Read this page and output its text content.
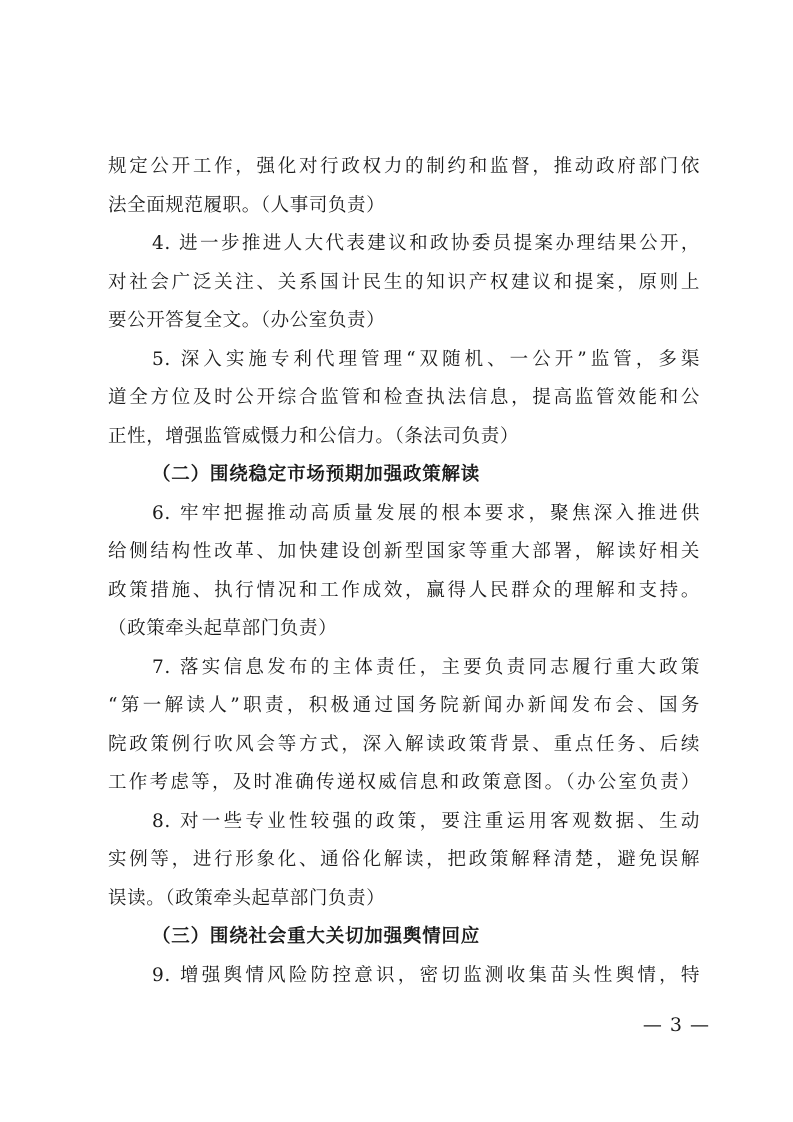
规定公开工作，强化对行政权力的制约和监督，推动政府部门依
法全面规范履职。（人事司负责）
4. 进一步推进人大代表建议和政协委员提案办理结果公开，
对社会广泛关注、关系国计民生的知识产权建议和提案，原则上
要公开答复全文。（办公室负责）
5. 深入实施专利代理管理“双随机、一公开”监管，多渠
道全方位及时公开综合监管和检查执法信息，提高监管效能和公
正性，增强监管威慑力和公信力。（条法司负责）
（二）围绕稳定市场预期加强政策解读
6. 牢牢把握推动高质量发展的根本要求，聚焦深入推进供
给侧结构性改革、加快建设创新型国家等重大部署，解读好相关
政策措施、执行情况和工作成效，赢得人民群众的理解和支持。
（政策牵头起草部门负责）
7. 落实信息发布的主体责任，主要负责同志履行重大政策
“第一解读人”职责，积极通过国务院新闻办新闻发布会、国务
院政策例行吹风会等方式，深入解读政策背景、重点任务、后续
工作考虑等，及时准确传递权威信息和政策意图。（办公室负责）
8. 对一些专业性较强的政策，要注重运用客观数据、生动
实例等，进行形象化、通俗化解读，把政策解释清楚，避免误解
误读。（政策牵头起草部门负责）
（三）围绕社会重大关切加强舆情回应
9. 增强舆情风险防控意识，密切监测收集苗头性舆情，特
— 3 —
